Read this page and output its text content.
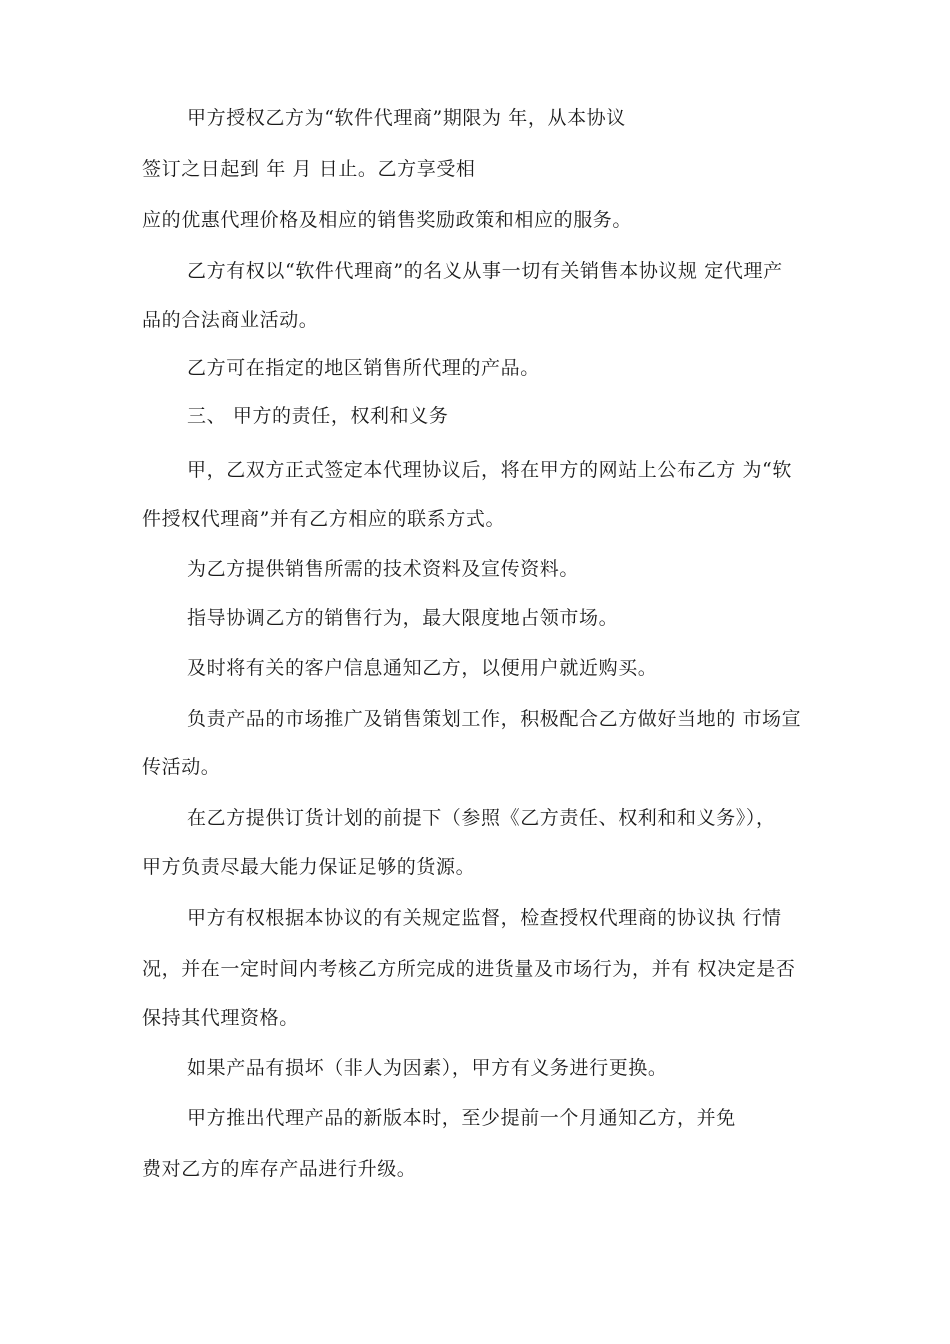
甲方授权乙方为“软件代理商”期限为 年，从本协议
签订之日起到 年 月 日止。乙方享受相
应的优惠代理价格及相应的销售奖励政策和相应的服务。
乙方有权以“软件代理商”的名义从事一切有关销售本协议规 定代理产
品的合法商业活动。
乙方可在指定的地区销售所代理的产品。
三、 甲方的责任，权利和义务
甲，乙双方正式签定本代理协议后，将在甲方的网站上公布乙方 为“软
件授权代理商”并有乙方相应的联系方式。
为乙方提供销售所需的技术资料及宣传资料。
指导协调乙方的销售行为，最大限度地占领市场。
及时将有关的客户信息通知乙方，以便用户就近购买。
负责产品的市场推广及销售策划工作，积极配合乙方做好当地的 市场宣
传活动。
在乙方提供订货计划的前提下（参照《乙方责任、权利和和义务》），
甲方负责尽最大能力保证足够的货源。
甲方有权根据本协议的有关规定监督，检查授权代理商的协议执 行情
况，并在一定时间内考核乙方所完成的进货量及市场行为，并有 权决定是否
保持其代理资格。
如果产品有损坏（非人为因素），甲方有义务进行更换。
甲方推出代理产品的新版本时，至少提前一个月通知乙方，并免
费对乙方的库存产品进行升级。
